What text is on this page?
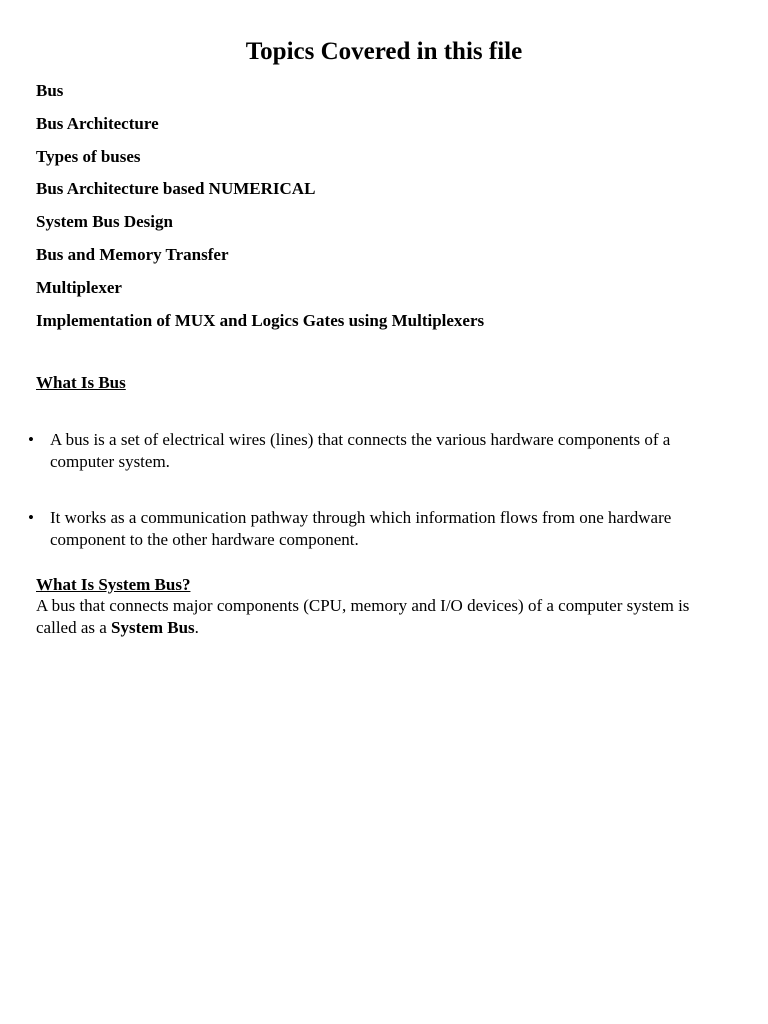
Topics Covered in this file
Bus
Bus Architecture
Types of buses
Bus Architecture based NUMERICAL
System Bus Design
Bus and Memory Transfer
Multiplexer
Implementation of MUX and Logics Gates using Multiplexers
What Is Bus
• A bus is a set of electrical wires (lines) that connects the various hardware components of a computer system.
• It works as a communication pathway through which information flows from one hardware component to the other hardware component.
What Is System Bus?
A bus that connects major components (CPU, memory and I/O devices) of a computer system is called as a System Bus.
